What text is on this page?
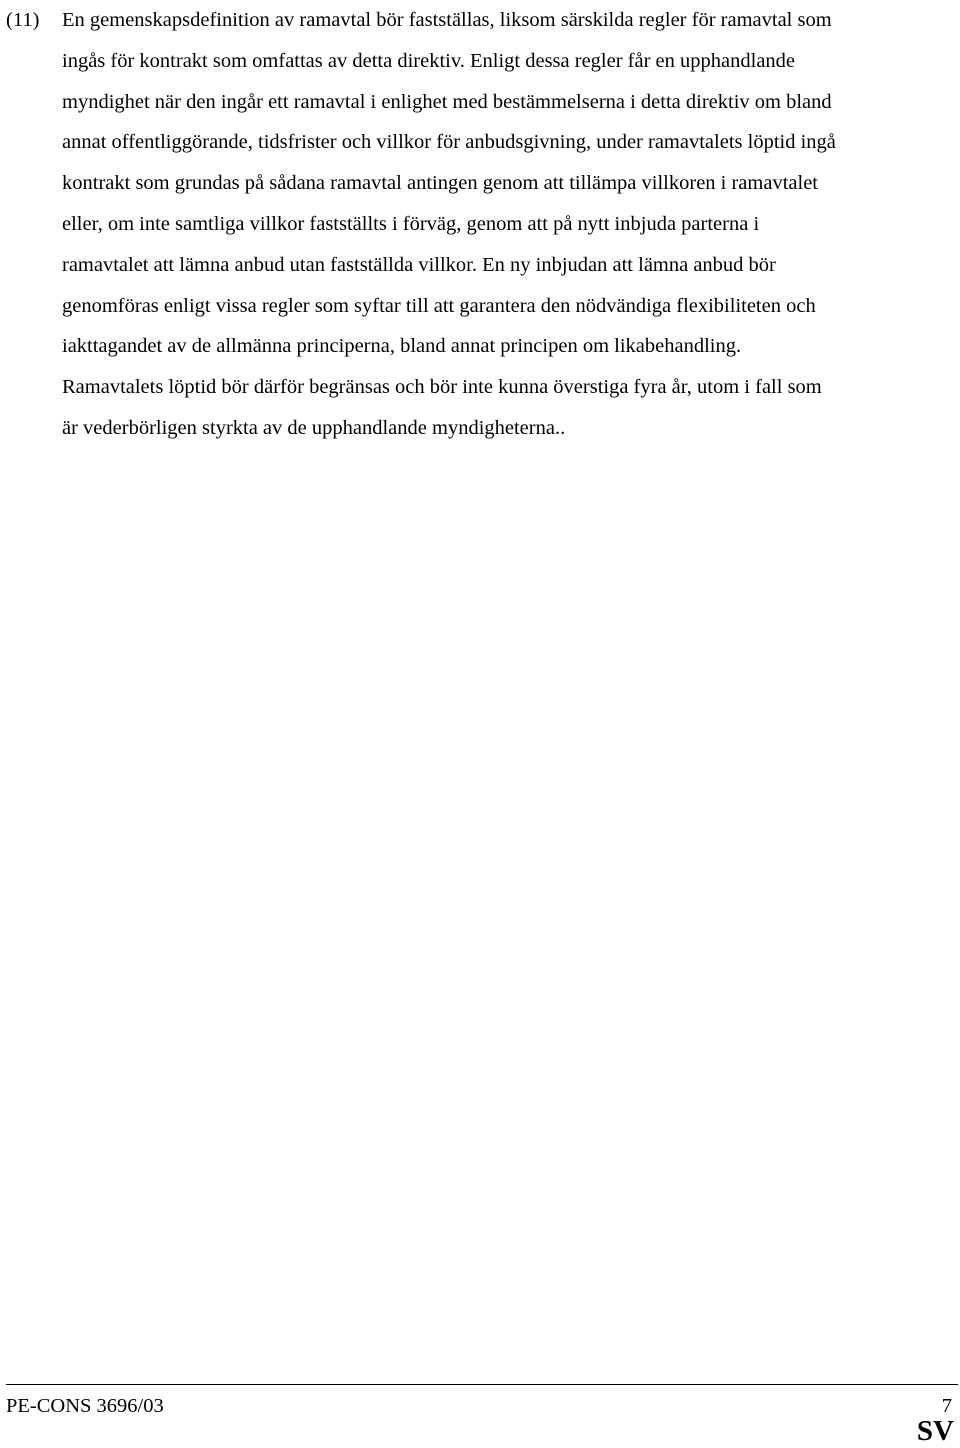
(11) En gemenskapsdefinition av ramavtal bör fastställas, liksom särskilda regler för ramavtal som
ingås för kontrakt som omfattas av detta direktiv. Enligt dessa regler får en upphandlande
myndighet när den ingår ett ramavtal i enlighet med bestämmelserna i detta direktiv om bland
annat offentliggörande, tidsfrister och villkor för anbudsgivning, under ramavtalets löptid ingå
kontrakt som grundas på sådana ramavtal antingen genom att tillämpa villkoren i ramavtalet
eller, om inte samtliga villkor fastställts i förväg, genom att på nytt inbjuda parterna i
ramavtalet att lämna anbud utan fastställda villkor. En ny inbjudan att lämna anbud bör
genomföras enligt vissa regler som syftar till att garantera den nödvändiga flexibiliteten och
iakttagandet av de allmänna principerna, bland annat principen om likabehandling.
Ramavtalets löptid bör därför begränsas och bör inte kunna överstiga fyra år, utom i fall som
är vederbörligen styrkta av de upphandlande myndigheterna..
PE-CONS 3696/03	7
SV
